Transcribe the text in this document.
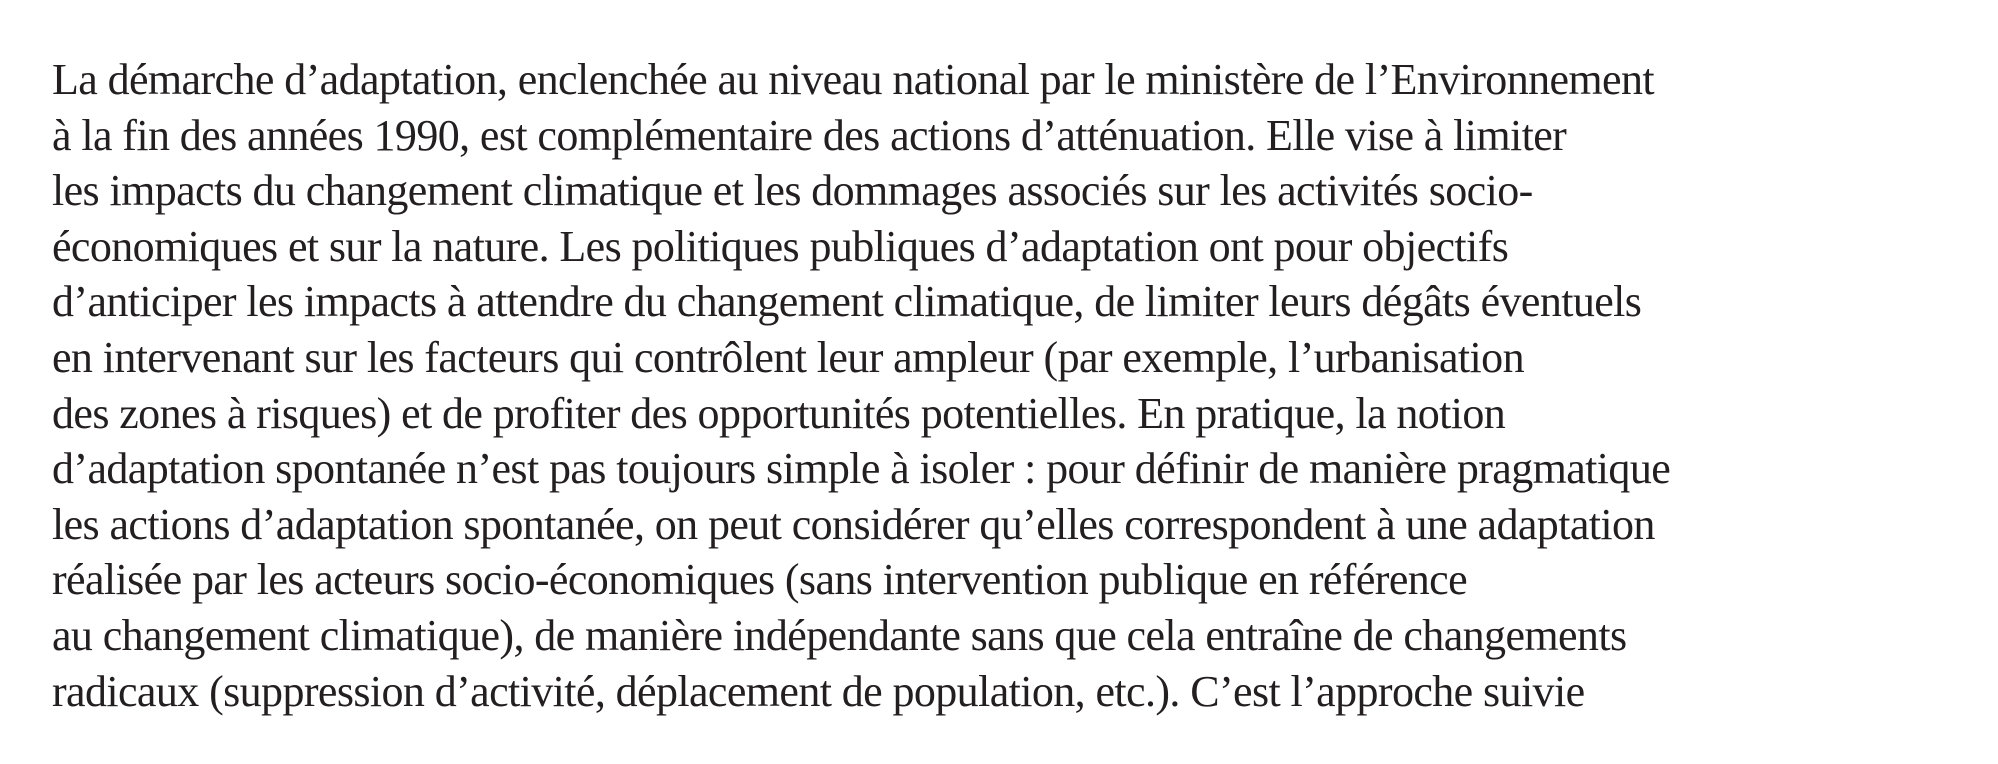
La démarche d’adaptation, enclenchée au niveau national par le ministère de l’Environnement
à la fin des années 1990, est complémentaire des actions d’atténuation. Elle vise à limiter
les impacts du changement climatique et les dommages associés sur les activités socio-
économiques et sur la nature. Les politiques publiques d’adaptation ont pour objectifs
d’anticiper les impacts à attendre du changement climatique, de limiter leurs dégâts éventuels
en intervenant sur les facteurs qui contrôlent leur ampleur (par exemple, l’urbanisation
des zones à risques) et de profiter des opportunités potentielles. En pratique, la notion
d’adaptation spontanée n’est pas toujours simple à isoler : pour définir de manière pragmatique
les actions d’adaptation spontanée, on peut considérer qu’elles correspondent à une adaptation
réalisée par les acteurs socio-économiques (sans intervention publique en référence
au changement climatique), de manière indépendante sans que cela entraîne de changements
radicaux (suppression d’activité, déplacement de population, etc.). C’est l’approche suivie
